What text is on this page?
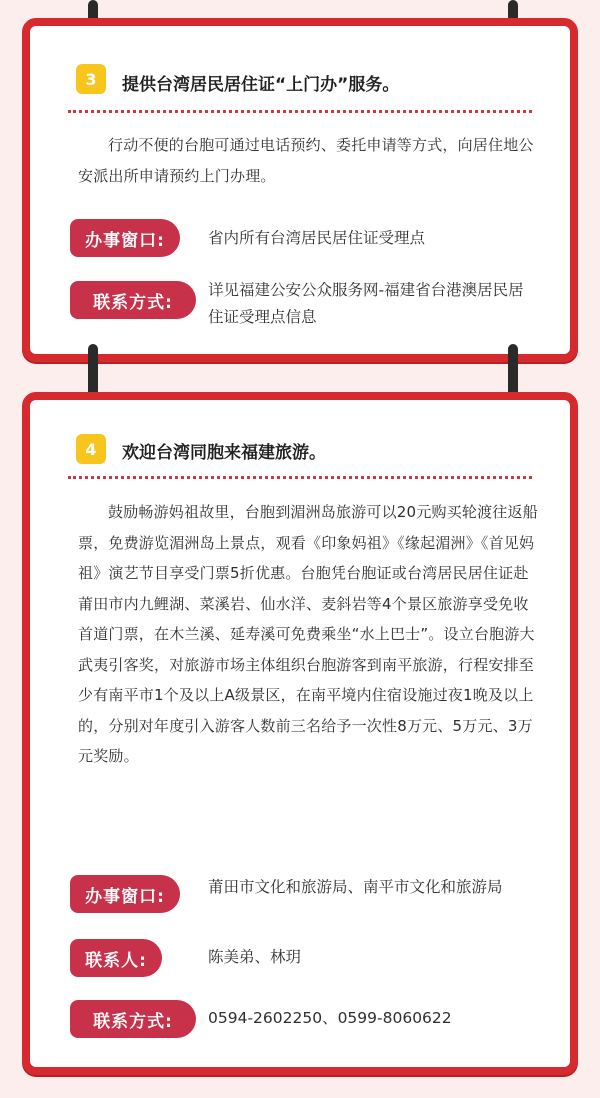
3	提供台湾居民居住证“上门办”服务。
行动不便的台胞可通过电话预约、委托申请等方式，向居住地公安派出所申请预约上门办理。
办事窗口:	省内所有台湾居民居住证受理点
联系方式:
详见福建公安公众服务网-福建省台港澳居民居住证受理点信息
4	欢迎台湾同胞来福建旅游。
鼓励畅游妈祖故里，台胞到湄洲岛旅游可以20元购买轮渡往返船票，免费游览湄洲岛上景点，观看《印象妈祖》《缘起湄洲》《首见妈祖》演艺节目享受门票5折优惠。台胞凭台胞证或台湾居民居住证赴莆田市内九鲤湖、菜溪岩、仙水洋、麦斜岩等4个景区旅游享受免收首道门票，在木兰溪、延寿溪可免费乘坐“水上巴士”。设立台胞游大武夷引客奖，对旅游市场主体组织台胞游客到南平旅游，行程安排至少有南平市1个及以上A级景区，在南平境内住宿设施过夜1晚及以上的，分别对年度引入游客人数前三名给予一次性8万元、5万元、3万元奖励。
办事窗口:	莆田市文化和旅游局、南平市文化和旅游局
联系人:	陈美弟、林玥
联系方式:	0594-2602250、0599-8060622
